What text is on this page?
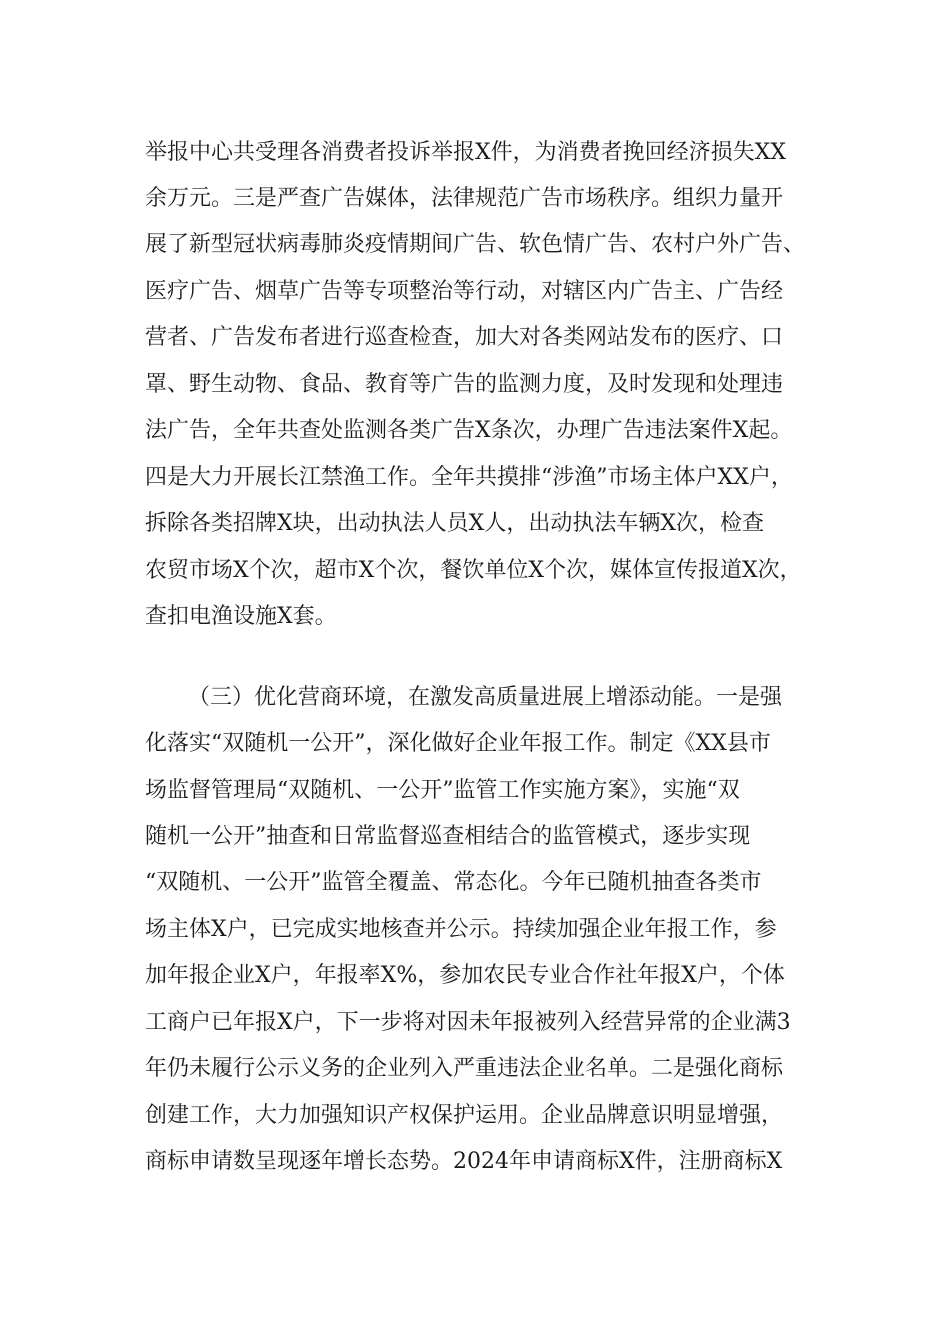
举报中心共受理各消费者投诉举报X件，为消费者挽回经济损失XX
余万元。三是严查广告媒体，法律规范广告市场秩序。组织力量开
展了新型冠状病毒肺炎疫情期间广告、软色情广告、农村户外广告、
医疗广告、烟草广告等专项整治等行动，对辖区内广告主、广告经
营者、广告发布者进行巡查检查，加大对各类网站发布的医疗、口
罩、野生动物、食品、教育等广告的监测力度，及时发现和处理违
法广告，全年共查处监测各类广告X条次，办理广告违法案件X起。
四是大力开展长江禁渔工作。全年共摸排“涉渔”市场主体户XX户，
拆除各类招牌X块，出动执法人员X人，出动执法车辆X次，检查
农贸市场X个次，超市X个次，餐饮单位X个次，媒体宣传报道X次，
查扣电渔设施X套。
（三）优化营商环境，在激发高质量进展上增添动能。一是强
化落实“双随机一公开”，深化做好企业年报工作。制定《XX县市
场监督管理局“双随机、一公开”监管工作实施方案》，实施“双
随机一公开”抽查和日常监督巡查相结合的监管模式，逐步实现
“双随机、一公开”监管全覆盖、常态化。今年已随机抽查各类市
场主体X户，已完成实地核查并公示。持续加强企业年报工作，参
加年报企业X户，年报率X%，参加农民专业合作社年报X户，个体
工商户已年报X户，下一步将对因未年报被列入经营异常的企业满3
年仍未履行公示义务的企业列入严重违法企业名单。二是强化商标
创建工作，大力加强知识产权保护运用。企业品牌意识明显增强，
商标申请数呈现逐年增长态势。2024年申请商标X件，注册商标X
